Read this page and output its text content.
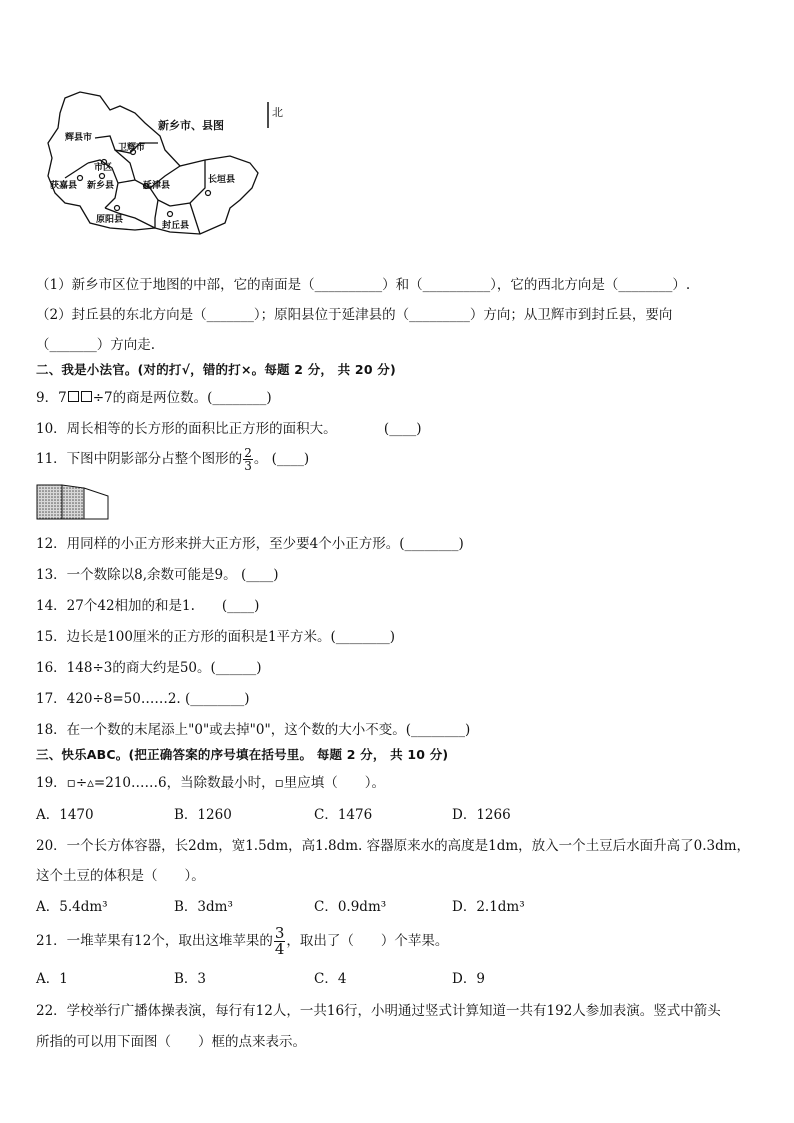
辉县市
卫辉市
获嘉县 新乡县
市区
延津县
长垣县
原阳县
封丘县
新乡市、县图
北
（1）新乡市区位于地图的中部，它的南面是（__________）和（__________），它的西北方向是（________）.
（2）封丘县的东北方向是（_______）；原阳县位于延津县的（_________）方向；从卫辉市到封丘县，要向
（_______）方向走.
二、我是小法官。(对的打√，错的打×。每题 2 分， 共 20 分)
9．7 ÷7的商是两位数。(________)
10．周长相等的长方形的面积比正方形的面积大。　　　　(____)
11．下图中阴影部分占整个图形的 $\frac{2}{3}$ 。 (____)
12．用同样的小正方形来拼大正方形，至少要4个小正方形。(________)
13．一个数除以8,余数可能是9。 (____)
14．27个42相加的和是1.　　(____)
15．边长是100厘米的正方形的面积是1平方米。(________)
16．148÷3的商大约是50。(______)
17．420÷8=50……2. (________)
18．在一个数的末尾添上"0"或去掉"0"，这个数的大小不变。(________)
三、快乐ABC。(把正确答案的序号填在括号里。 每题 2 分， 共 10 分)
19．▫÷▵=210……6，当除数最小时，▫里应填（　　）。
A．1470	B．1260	C．1476	D．1266
20．一个长方体容器，长2dm，宽1.5dm，高1.8dm. 容器原来水的高度是1dm，放入一个土豆后水面升高了0.3dm，
这个土豆的体积是（　　）。
A．5.4dm³	B．3dm³	C．0.9dm³	D．2.1dm³
21．一堆苹果有12个，取出这堆苹果的 $\frac{3}{4}$ ，取出了（　　）个苹果。
A．1	B．3	C．4	D．9
22．学校举行广播体操表演，每行有12人，一共16行，小明通过竖式计算知道一共有192人参加表演。竖式中箭头
所指的可以用下面图（　　）框的点来表示。
